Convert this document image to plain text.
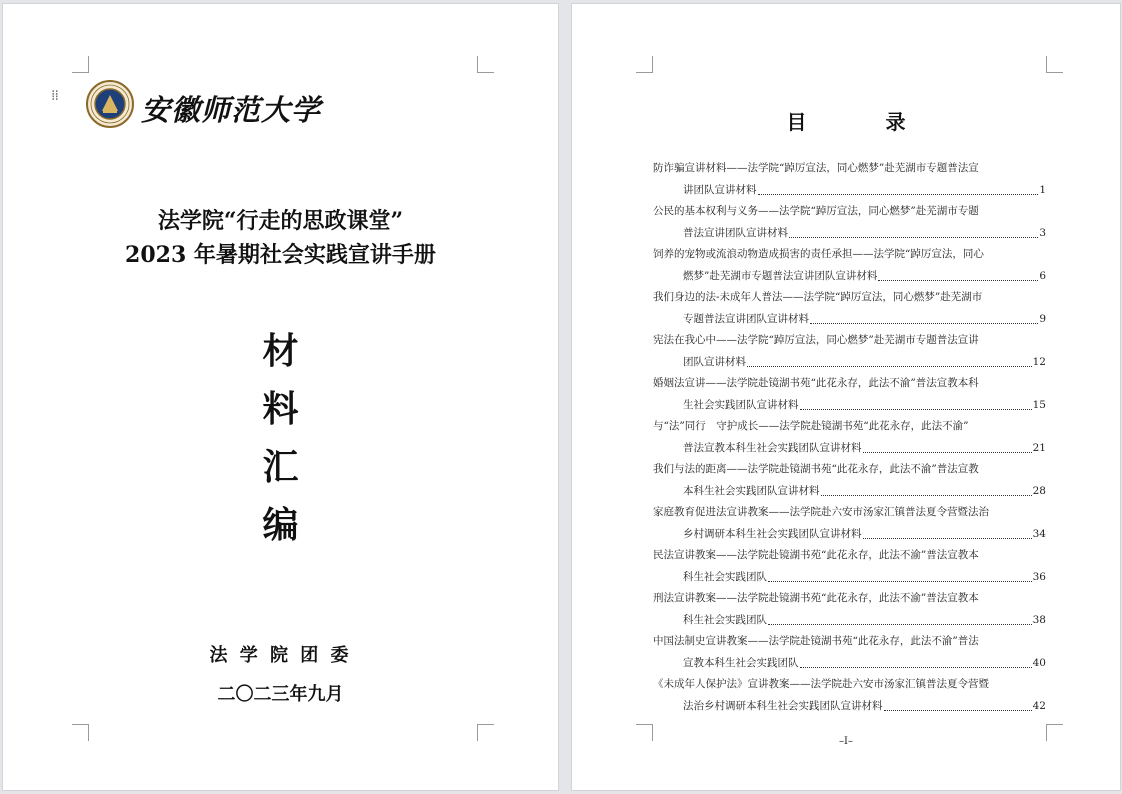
⁞⁞	安徽师范大学
法学院“行走的思政课堂”
2023 年暑期社会实践宣讲手册
材
料
汇
编
法 学 院 团 委
二〇二三年九月
目 录
防诈骗宣讲材料——法学院“踔厉宣法，同心燃梦”赴芜湖市专题普法宣
讲团队宣讲材料	1
公民的基本权利与义务——法学院“踔厉宣法，同心燃梦”赴芜湖市专题
普法宣讲团队宣讲材料	3
饲养的宠物或流浪动物造成损害的责任承担——法学院“踔厉宣法，同心
燃梦”赴芜湖市专题普法宣讲团队宣讲材料	6
我们身边的法-未成年人普法——法学院“踔厉宣法，同心燃梦”赴芜湖市
专题普法宣讲团队宣讲材料	9
宪法在我心中——法学院“踔厉宣法，同心燃梦”赴芜湖市专题普法宣讲
团队宣讲材料	12
婚姻法宣讲——法学院赴镜湖书苑“此花永存，此法不渝”普法宣教本科
生社会实践团队宣讲材料	15
与“法”同行　守护成长——法学院赴镜湖书苑“此花永存，此法不渝”
普法宣教本科生社会实践团队宣讲材料	21
我们与法的距离——法学院赴镜湖书苑“此花永存，此法不渝”普法宣教
本科生社会实践团队宣讲材料	28
家庭教育促进法宣讲教案——法学院赴六安市汤家汇镇普法夏令营暨法治
乡村调研本科生社会实践团队宣讲材料	34
民法宣讲教案——法学院赴镜湖书苑“此花永存，此法不渝”普法宣教本
科生社会实践团队	36
刑法宣讲教案——法学院赴镜湖书苑“此花永存，此法不渝”普法宣教本
科生社会实践团队	38
中国法制史宣讲教案——法学院赴镜湖书苑“此花永存，此法不渝”普法
宣教本科生社会实践团队	40
《未成年人保护法》宣讲教案——法学院赴六安市汤家汇镇普法夏令营暨
法治乡村调研本科生社会实践团队宣讲材料	42
–I–
